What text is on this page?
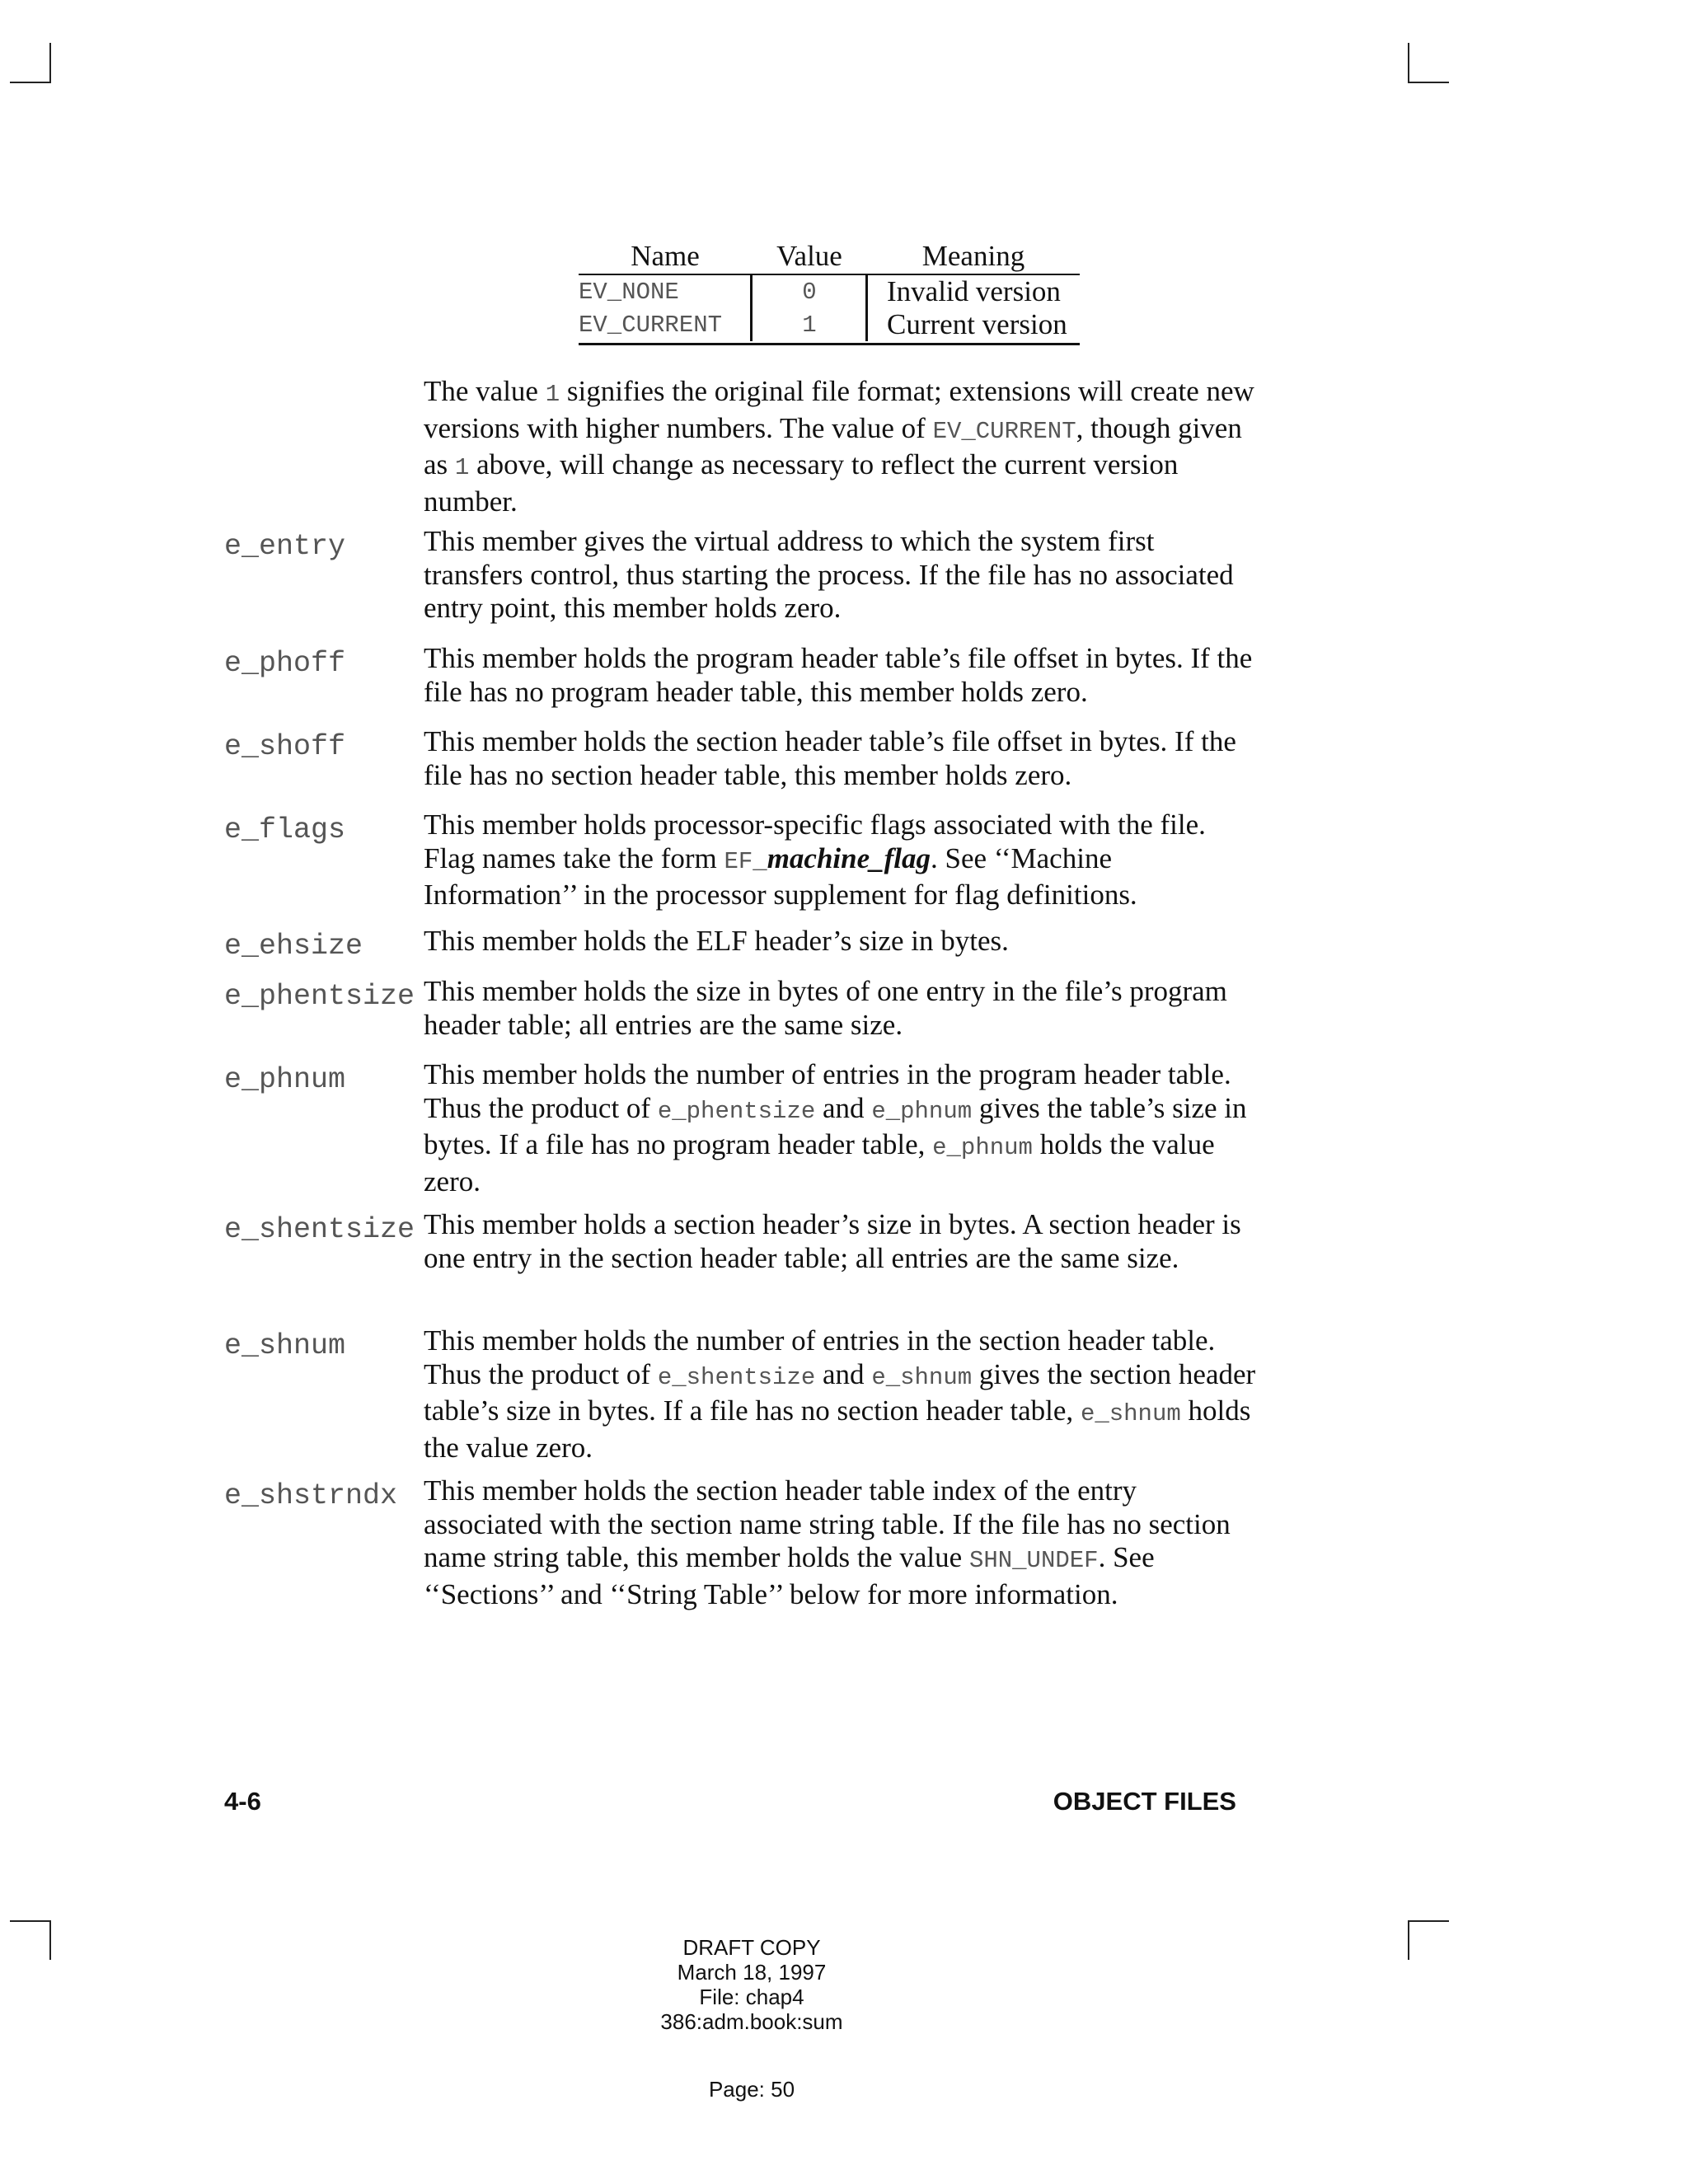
Name	Value	Meaning
EV_NONE	0	Invalid version
EV_CURRENT	1	Current version
The value 1 signifies the original file format; extensions will create new versions with higher numbers. The value of EV_CURRENT, though given as 1 above, will change as necessary to reflect the current version number.
e_entry	This member gives the virtual address to which the system first transfers control, thus starting the process. If the file has no associated entry point, this member holds zero.
e_phoff	This member holds the program header table’s file offset in bytes. If the file has no program header table, this member holds zero.
e_shoff	This member holds the section header table’s file offset in bytes. If the file has no section header table, this member holds zero.
e_flags	This member holds processor-specific flags associated with the file. Flag names take the form EF_machine_flag. See ‘‘Machine Information’’ in the processor supplement for flag definitions.
e_ehsize This member holds the ELF header’s size in bytes.
e_phentsize This member holds the size in bytes of one entry in the file’s program header table; all entries are the same size.
e_phnum	This member holds the number of entries in the program header table. Thus the product of e_phentsize and e_phnum gives the table’s size in bytes. If a file has no program header table, e_phnum holds the value zero.
e_shentsize This member holds a section header’s size in bytes. A section header is one entry in the section header table; all entries are the same size.
e_shnum	This member holds the number of entries in the section header table. Thus the product of e_shentsize and e_shnum gives the section header table’s size in bytes. If a file has no section header table, e_shnum holds the value zero.
e_shstrndx This member holds the section header table index of the entry associated with the section name string table. If the file has no section name string table, this member holds the value SHN_UNDEF. See ‘‘Sections’’ and ‘‘String Table’’ below for more information.
4-6	OBJECT FILES
DRAFT COPY
March 18, 1997
File: chap4
386:adm.book:sum
Page: 50
